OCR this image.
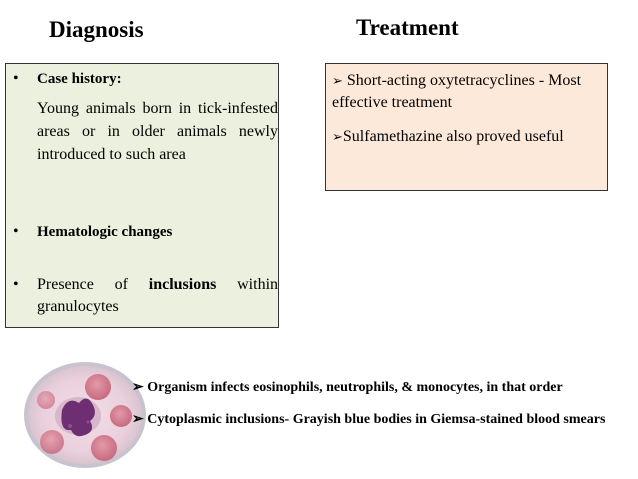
Diagnosis	Treatment
• Case history:
Young animals born in tick-infested areas or in older animals newly introduced to such area
• Hematologic changes
• Presence of inclusions within granulocytes

➢ Short-acting oxytetracyclines - Most effective treatment

➢Sulfamethazine also proved useful

➢ Organism infects eosinophils, neutrophils, & monocytes, in that order

➢ Cytoplasmic inclusions- Grayish blue bodies in Giemsa-stained blood smears
